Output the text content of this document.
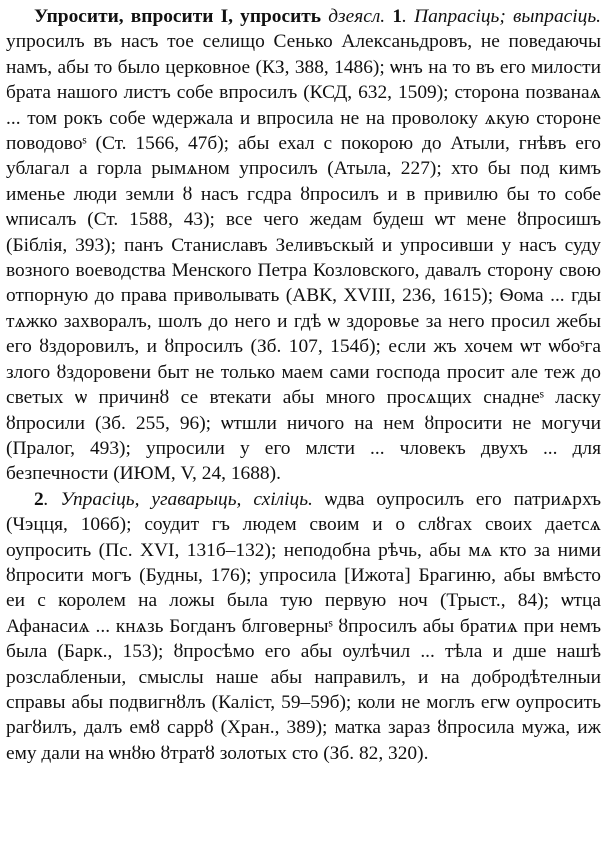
Упросити, впросити I, упросить дзеясл. 1. Папрасіць; выпрасіць. упросилъ въ насъ тое селищо Сенько Алексаньдровъ, не поведаючы намъ, абы то было церковное (КЗ, 388, 1486); ѡнъ на то въ его милости брата нашого листъ собе впросилъ (КСД, 632, 1509); сторона позванаѧ ... том рокъ собе ѡдержала и впросила не на проволоку ѧкую стороне поводовоˢ (Ст. 1566, 47б); абы ехал с покорою до Атыли, гнѣвъ его ублагал а горла рымѧном упросилъ (Атыла, 227); хто бы под кимъ именье люди земли ȣ насъ гсдра ȣпросилъ и в привилю бы то собе ѡписалъ (Ст. 1588, 43); все чего жедам будеш ѡт мене ȣпросишъ (Біблія, 393); панъ Станиславъ Зеливъскый и упросивши у насъ суду возного воеводства Менского Петра Козловского, давалъ сторону свою отпорную до права приволывать (АВК, XVIII, 236, 1615); Ѳома ... гды тѧжко захворалъ, шолъ до него и гдѣ ѡ здоровье за него просил жебы его ȣздоровилъ, и ȣпросилъ (Зб. 107, 154б); если жъ хочем ѡт ѡбоˢга злого ȣздоровени быт не только маем сами господа просит але теж до светых ѡ причинȣ се втекати абы много просѧщих снаднеˢ ласку ȣпросили (Зб. 255, 96); ѡтшли ничого на нем ȣпросити не могучи (Пралог, 493); упросили у его млсти ... чловекъ двухъ ... для безпечности (ИЮМ, V, 24, 1688).

2. Упрасіць, угаварыць, схіліць. ѡдва оупросилъ его патриѧрхъ (Чэцця, 106б); соудит гъ людем своим и о слȣгах своих даетсѧ оупросить (Пс. XVI, 131б–132); неподобна рѣчь, абы мѧ кто за ними ȣпросити могъ (Будны, 176); упросила [Ижота] Брагиню, абы вмѣсто еи с королем на ложы была тую первую ноч (Трыст., 84); ѡтца Афанасиѧ ... кнѧзь Богданъ блговерныˢ ȣпросилъ абы братиѧ при немъ была (Барк., 153); ȣпросѣмо его абы оулѣчил ... тѣла и дше нашѣ розслабленыи, смыслы наше абы направилъ, и на добродѣтелныи справы абы подвигнȣлъ (Каліст, 59–59б); коли не моглъ егѡ оупросить рагȣилъ, далъ емȣ саррȣ (Хран., 389); матка зараз ȣпросила мужа, иж ему дали на ѡнȣю ȣтратȣ золотых сто (Зб. 82, 320).
